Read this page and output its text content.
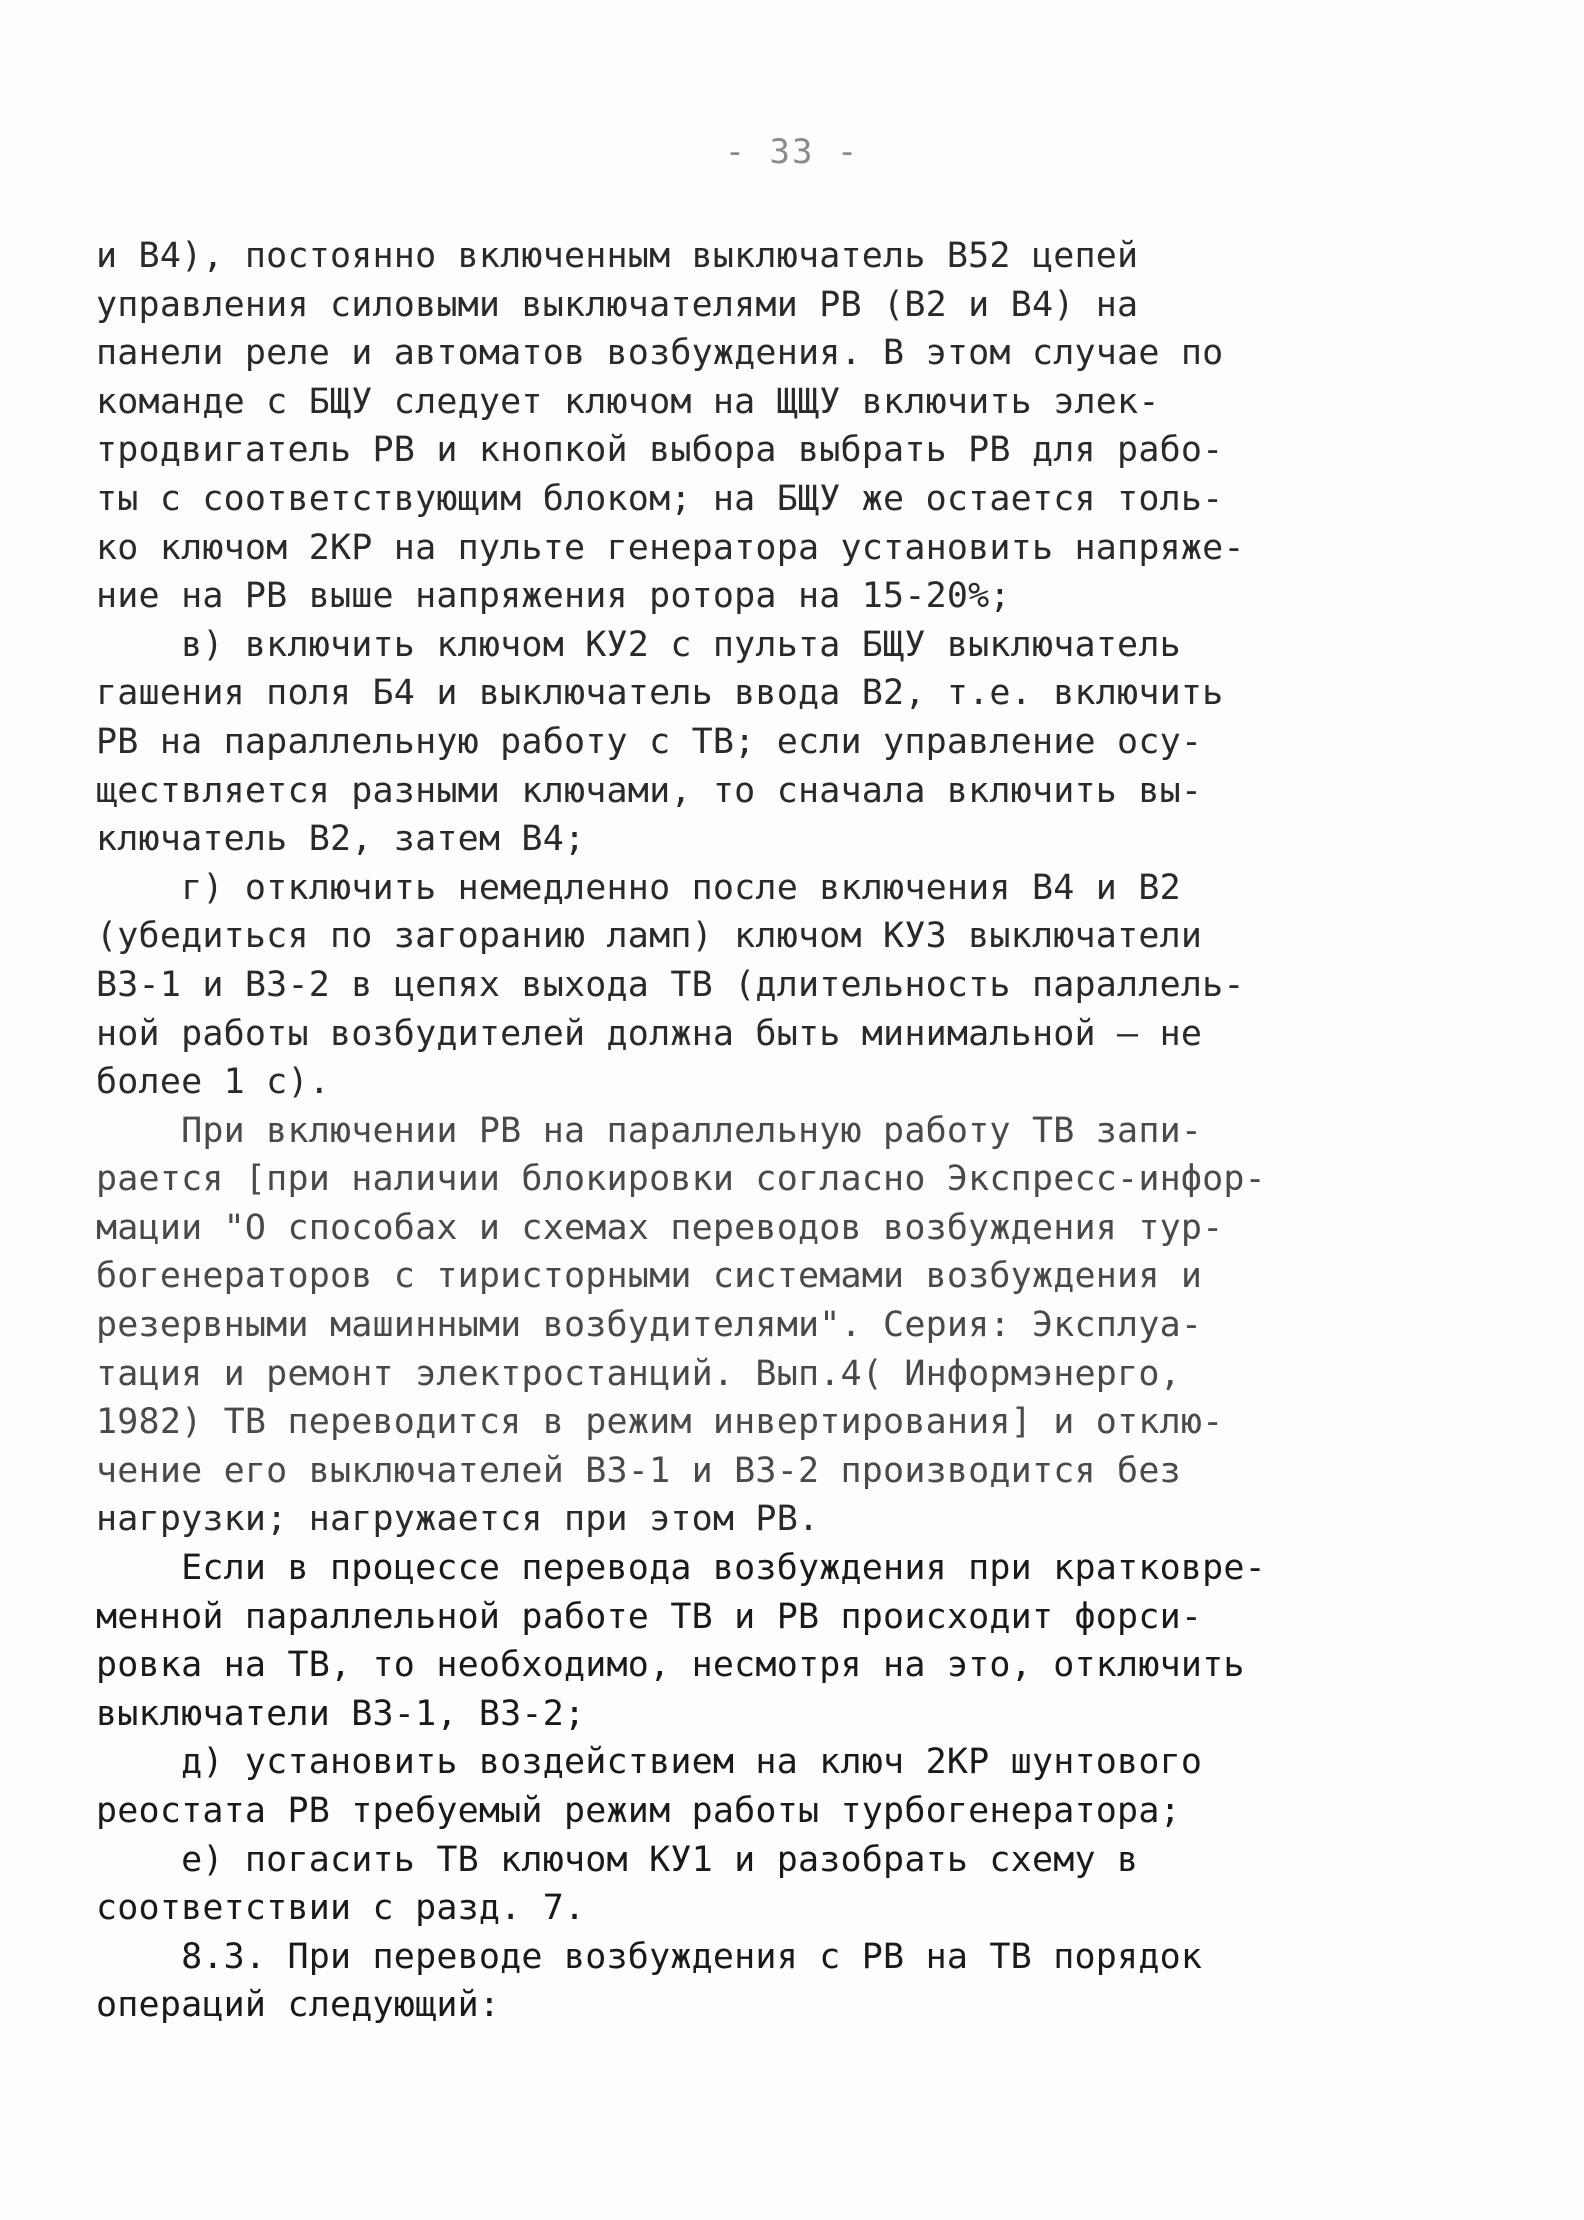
- 33 -
и В4), постоянно включенным выключатель В52 цепей
управления силовыми выключателями РВ (В2 и В4) на
панели реле и автоматов возбуждения. В этом случае по
команде с БЩУ следует ключом на ЩЩУ включить элек-
тродвигатель РВ и кнопкой выбора выбрать РВ для рабо-
ты с соответствующим блоком; на БЩУ же остается толь-
ко ключом 2КР на пульте генератора установить напряже-
ние на РВ выше напряжения ротора на 15-20%;
в) включить ключом КУ2 с пульта БЩУ выключатель
гашения поля Б4 и выключатель ввода В2, т.е. включить
РВ на параллельную работу с ТВ; если управление осу-
ществляется разными ключами, то сначала включить вы-
ключатель В2, затем В4;
г) отключить немедленно после включения В4 и В2
(убедиться по загоранию ламп) ключом КУЗ выключатели
В3-1 и В3-2 в цепях выхода ТВ (длительность параллель-
ной работы возбудителей должна быть минимальной — не
более 1 с).
При включении РВ на параллельную работу ТВ запи-
рается [при наличии блокировки согласно Экспресс-инфор-
мации "О способах и схемах переводов возбуждения тур-
богенераторов с тиристорными системами возбуждения и
резервными машинными возбудителями". Серия: Эксплуа-
тация и ремонт электростанций. Вып.4( Информэнерго,
1982) ТВ переводится в режим инвертирования] и отклю-
чение его выключателей В3-1 и В3-2 производится без
нагрузки; нагружается при этом РВ.
Если в процессе перевода возбуждения при кратковре-
менной параллельной работе ТВ и РВ происходит форси-
ровка на ТВ, то необходимо, несмотря на это, отключить
выключатели В3-1, В3-2;
д) установить воздействием на ключ 2КР шунтового
реостата РВ требуемый режим работы турбогенератора;
е) погасить ТВ ключом КУ1 и разобрать схему в
соответствии с разд. 7.
8.3. При переводе возбуждения с РВ на ТВ порядок
операций следующий:
